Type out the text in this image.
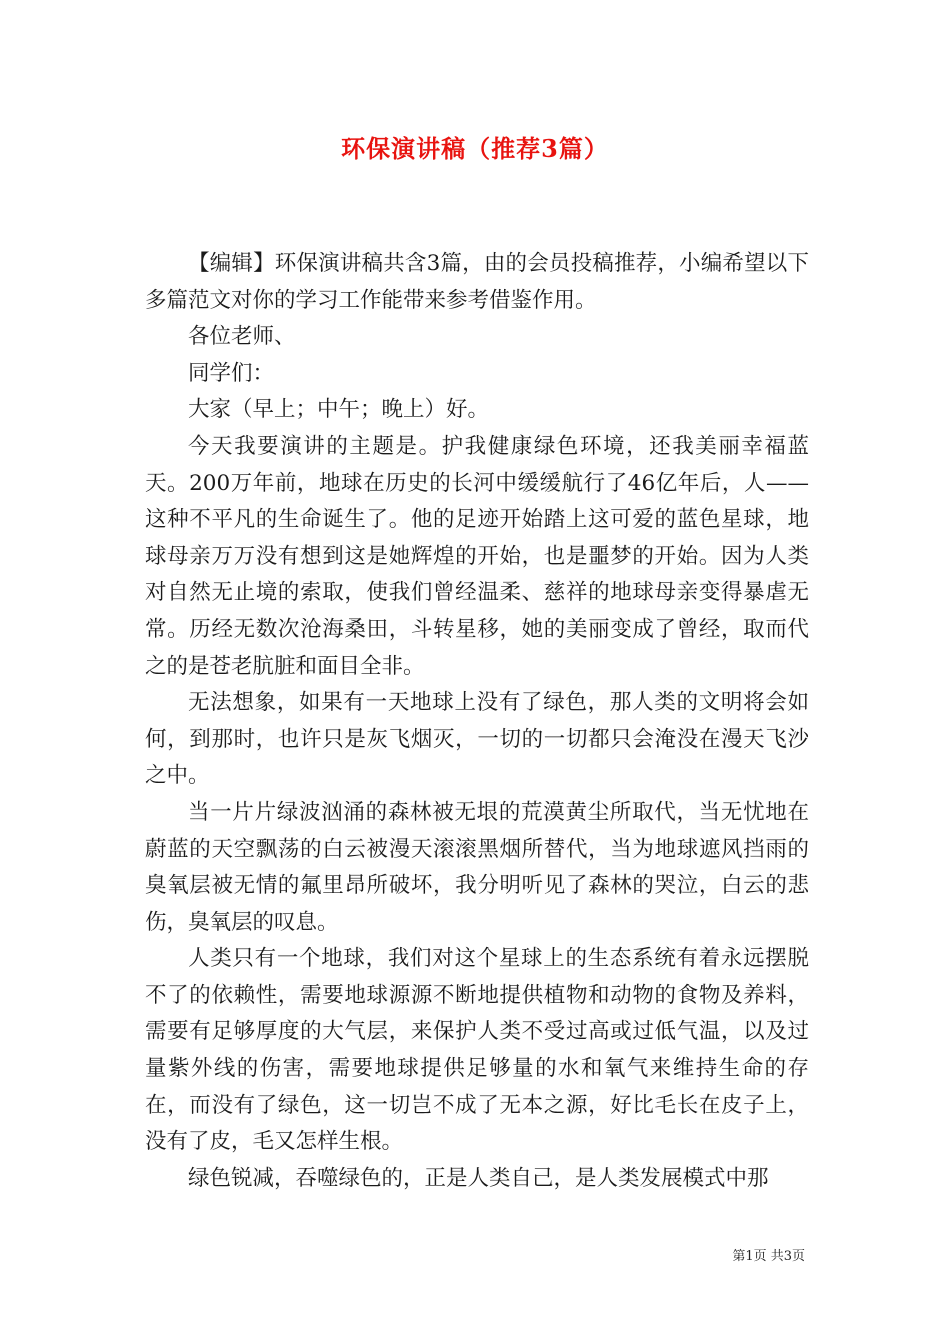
环保演讲稿（推荐3篇）

【编辑】环保演讲稿共含3篇，由的会员投稿推荐，小编希望以下多篇范文对你的学习工作能带来参考借鉴作用。

各位老师、

同学们：

大家（早上；中午；晚上）好。

今天我要演讲的主题是。护我健康绿色环境，还我美丽幸福蓝天。200万年前，地球在历史的长河中缓缓航行了46亿年后，人——这种不平凡的生命诞生了。他的足迹开始踏上这可爱的蓝色星球，地球母亲万万没有想到这是她辉煌的开始，也是噩梦的开始。因为人类对自然无止境的索取，使我们曾经温柔、慈祥的地球母亲变得暴虐无常。历经无数次沧海桑田，斗转星移，她的美丽变成了曾经，取而代之的是苍老肮脏和面目全非。

无法想象，如果有一天地球上没有了绿色，那人类的文明将会如何，到那时，也许只是灰飞烟灭，一切的一切都只会淹没在漫天飞沙之中。

当一片片绿波汹涌的森林被无垠的荒漠黄尘所取代，当无忧地在蔚蓝的天空飘荡的白云被漫天滚滚黑烟所替代，当为地球遮风挡雨的臭氧层被无情的氟里昂所破坏，我分明听见了森林的哭泣，白云的悲伤，臭氧层的叹息。

人类只有一个地球，我们对这个星球上的生态系统有着永远摆脱不了的依赖性，需要地球源源不断地提供植物和动物的食物及养料，需要有足够厚度的大气层，来保护人类不受过高或过低气温，以及过量紫外线的伤害，需要地球提供足够量的水和氧气来维持生命的存在，而没有了绿色，这一切岂不成了无本之源，好比毛长在皮子上，没有了皮，毛又怎样生根。

绿色锐减，吞噬绿色的，正是人类自己，是人类发展模式中那

第1页 共3页
